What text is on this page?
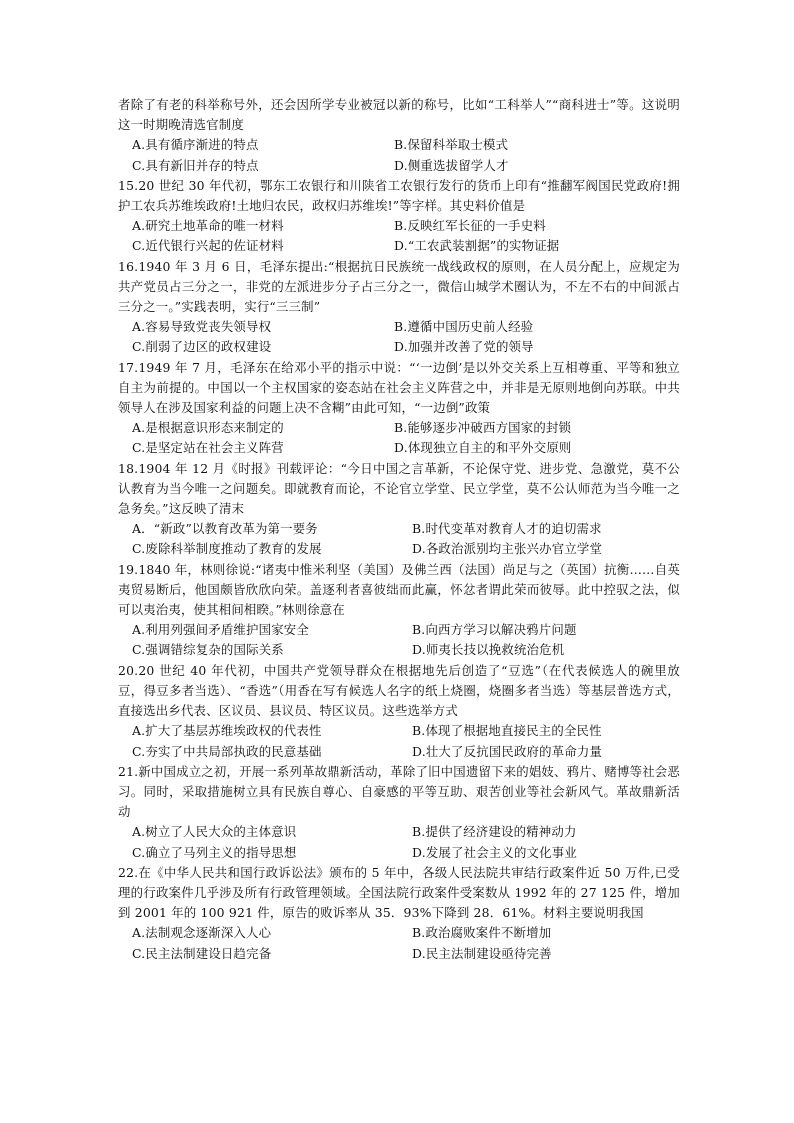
者除了有老的科举称号外，还会因所学专业被冠以新的称号，比如“工科举人”“商科进士”等。这说明这一时期晚清选官制度

A.具有循序渐进的特点	B.保留科举取士模式
C.具有新旧并存的特点	D.侧重选拔留学人才

15.20 世纪 30 年代初，鄂东工农银行和川陕省工农银行发行的货币上印有“推翻军阀国民党政府!拥护工农兵苏维埃政府!土地归农民，政权归苏维埃!”等字样。其史料价值是

A.研究土地革命的唯一材料	B.反映红军长征的一手史料
C.近代银行兴起的佐证材料	D.“工农武装割据”的实物证据

16.1940 年 3 月 6 日，毛泽东提出:“根据抗日民族统一战线政权的原则，在人员分配上，应规定为共产党员占三分之一，非党的左派进步分子占三分之一，微信山城学术圈认为，不左不右的中间派占三分之一。”实践表明，实行“三三制”

A.容易导致党丧失领导权	B.遵循中国历史前人经验
C.削弱了边区的政权建设	D.加强并改善了党的领导

17.1949 年 7 月，毛泽东在给邓小平的指示中说：“‘一边倒’是以外交关系上互相尊重、平等和独立自主为前提的。中国以一个主权国家的姿态站在社会主义阵营之中，并非是无原则地倒向苏联。中共领导人在涉及国家利益的问题上决不含糊”由此可知，“一边倒”政策

A.是根据意识形态来制定的	B.能够逐步冲破西方国家的封锁
C.是坚定站在社会主义阵营	D.体现独立自主的和平外交原则

18.1904 年 12 月《时报》刊载评论：“今日中国之言革新，不论保守党、进步党、急激党，莫不公认教育为当今唯一之问题矣。即就教育而论，不论官立学堂、民立学堂，莫不公认师范为当今唯一之急务矣。”这反映了清末

A．“新政”以教育改革为第一要务	B.时代变革对教育人才的迫切需求
C.废除科举制度推动了教育的发展	D.各政治派别均主张兴办官立学堂

19.1840 年，林则徐说:“诸夷中惟米利坚（美国）及佛兰西（法国）尚足与之（英国）抗衡……自英夷贸易断后，他国颇皆欣欣向荣。盖逐利者喜彼绌而此赢，怀忿者谓此荣而彼辱。此中控驭之法，似可以夷治夷，使其相间相睽。”林则徐意在

A.利用列强间矛盾维护国家安全	B.向西方学习以解决鸦片问题
C.强调错综复杂的国际关系	D.师夷长技以挽救统治危机

20.20 世纪 40 年代初，中国共产党领导群众在根据地先后创造了“豆选”（在代表候选人的碗里放豆，得豆多者当选）、“香选”（用香在写有候选人名字的纸上烧圈，烧圈多者当选）等基层普选方式，直接选出乡代表、区议员、县议员、特区议员。这些选举方式

A.扩大了基层苏维埃政权的代表性	B.体现了根据地直接民主的全民性
C.夯实了中共局部执政的民意基础	D.壮大了反抗国民政府的革命力量

21.新中国成立之初，开展一系列革故鼎新活动，革除了旧中国遗留下来的娼妓、鸦片、赌博等社会恶习。同时，采取措施树立具有民族自尊心、自豪感的平等互助、艰苦创业等社会新风气。革故鼎新活动

A.树立了人民大众的主体意识	B.提供了经济建设的精神动力
C.确立了马列主义的指导思想	D.发展了社会主义的文化事业

22.在《中华人民共和国行政诉讼法》颁布的 5 年中，各级人民法院共审结行政案件近 50 万件,已受理的行政案件几乎涉及所有行政管理领域。全国法院行政案件受案数从 1992 年的 27 125 件，增加到 2001 年的 100 921 件，原告的败诉率从 35．93%下降到 28．61%。材料主要说明我国

A.法制观念逐渐深入人心	B.政治腐败案件不断增加
C.民主法制建设日趋完备	D.民主法制建设亟待完善
